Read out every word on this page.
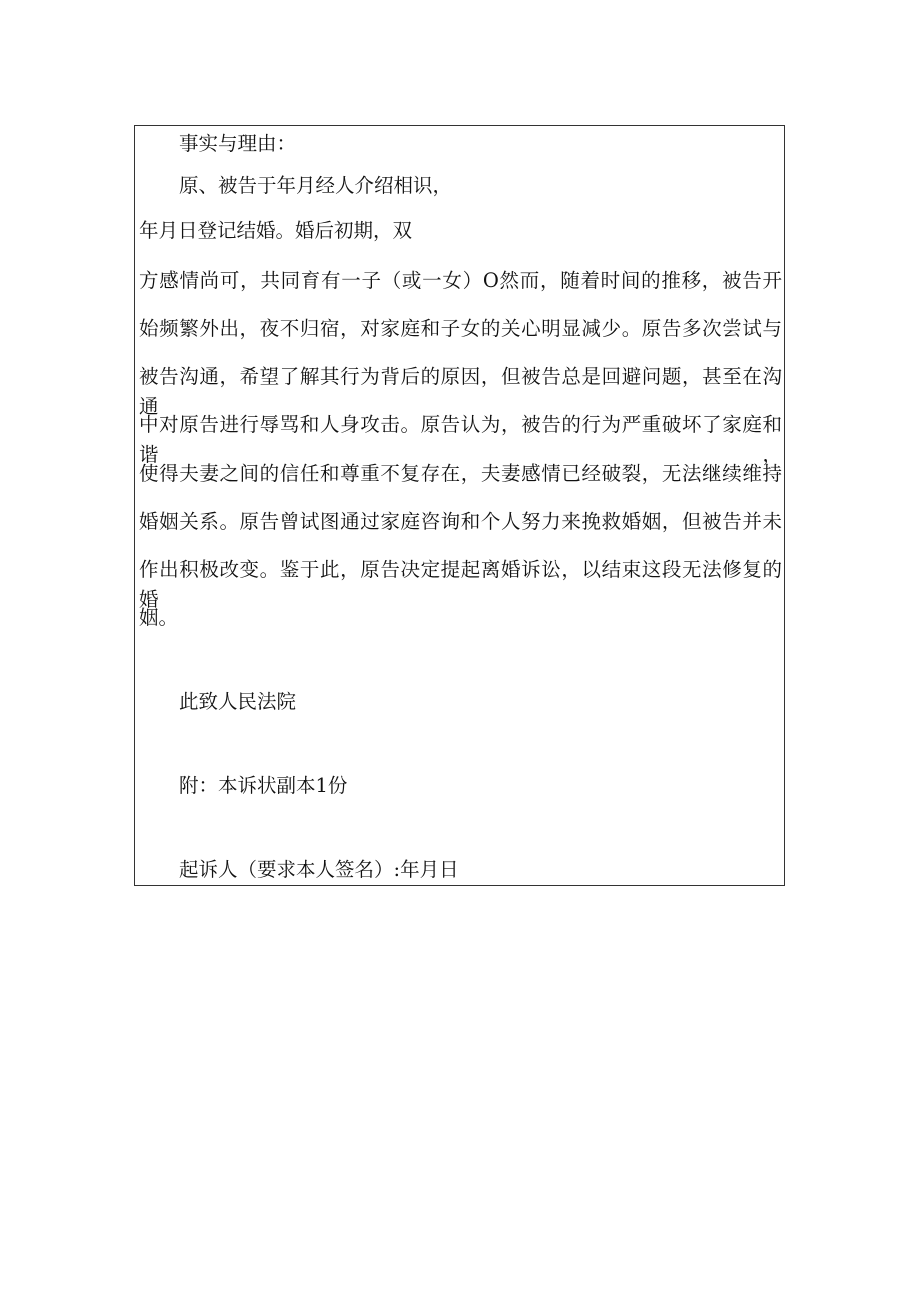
事实与理由：
原、被告于年月经人介绍相识，
年月日登记结婚。婚后初期，双
方感情尚可，共同育有一子（或一女）O然而，随着时间的推移，被告开
始频繁外出，夜不归宿，对家庭和子女的关心明显减少。原告多次尝试与
被告沟通，希望了解其行为背后的原因，但被告总是回避问题，甚至在沟通
中对原告进行辱骂和人身攻击。原告认为，被告的行为严重破坏了家庭和谐，
使得夫妻之间的信任和尊重不复存在，夫妻感情已经破裂，无法继续维持
婚姻关系。原告曾试图通过家庭咨询和个人努力来挽救婚姻，但被告并未
作出积极改变。鉴于此，原告决定提起离婚诉讼，以结束这段无法修复的婚
姻。
此致人民法院
附：本诉状副本1份
起诉人（要求本人签名）:年月日
